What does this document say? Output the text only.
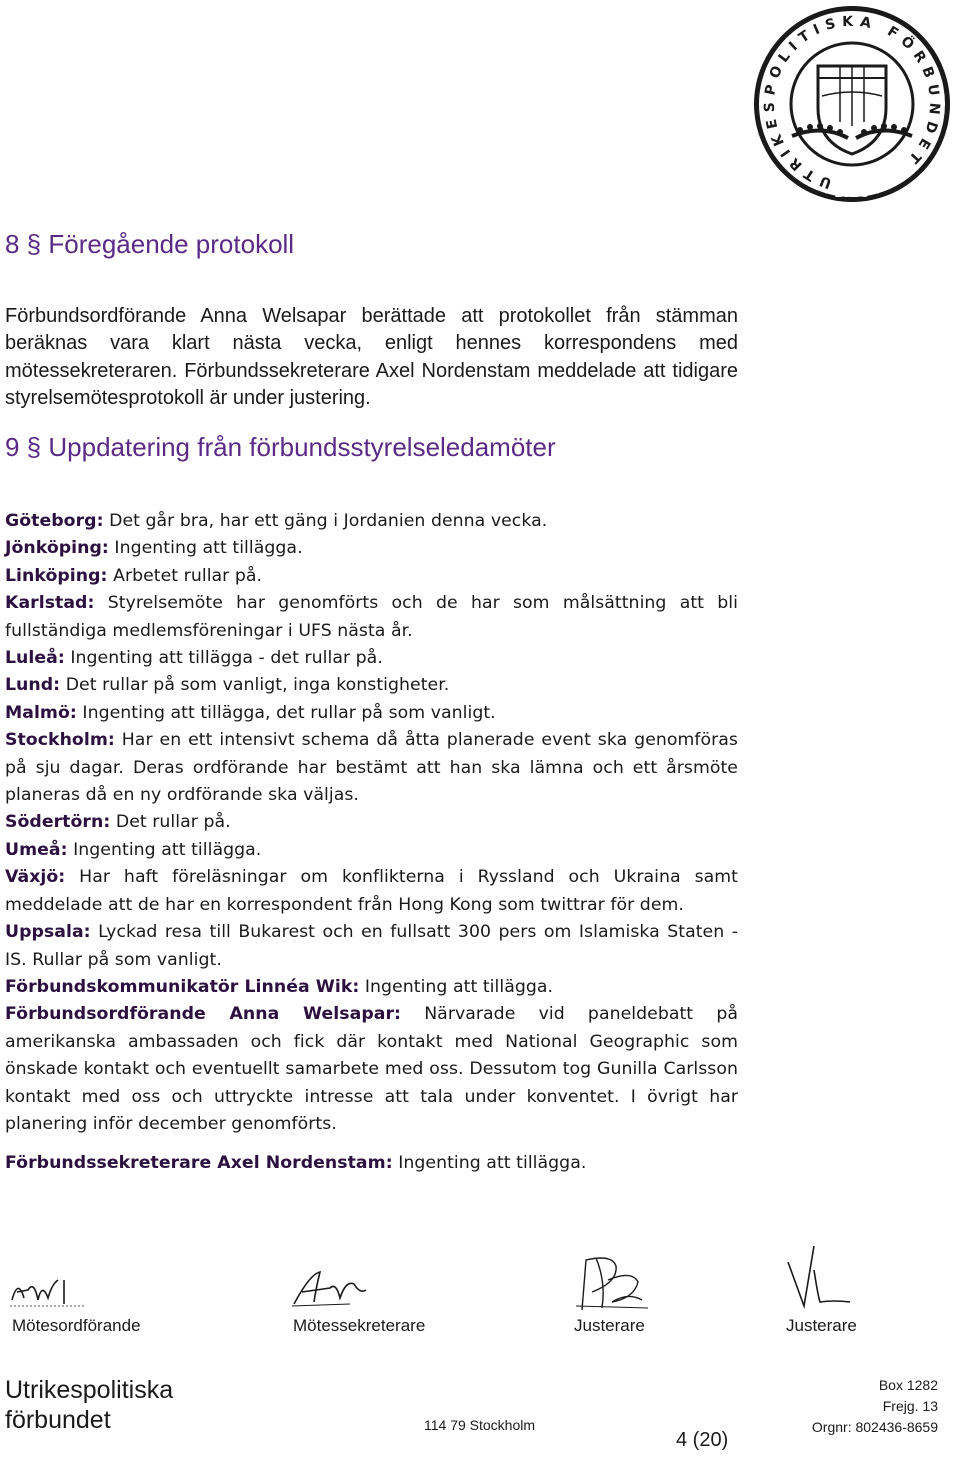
UTRIKESPOLITISKA FÖRBUNDET
· 1939 ·
8 § Föregående protokoll

Förbundsordförande Anna Welsapar berättade att protokollet från stämman beräknas vara klart nästa vecka, enligt hennes korrespondens med mötessekreteraren. Förbundssekreterare Axel Nordenstam meddelade att tidigare styrelsemötesprotokoll är under justering.

9 § Uppdatering från förbundsstyrelseledamöter

Göteborg: Det går bra, har ett gäng i Jordanien denna vecka.

Jönköping: Ingenting att tillägga.

Linköping: Arbetet rullar på.

Karlstad: Styrelsemöte har genomförts och de har som målsättning att bli fullständiga medlemsföreningar i UFS nästa år.

Luleå: Ingenting att tillägga - det rullar på.

Lund: Det rullar på som vanligt, inga konstigheter.

Malmö: Ingenting att tillägga, det rullar på som vanligt.

Stockholm: Har en ett intensivt schema då åtta planerade event ska genomföras på sju dagar. Deras ordförande har bestämt att han ska lämna och ett årsmöte planeras då en ny ordförande ska väljas.

Södertörn: Det rullar på.

Umeå: Ingenting att tillägga.

Växjö: Har haft föreläsningar om konflikterna i Ryssland och Ukraina samt meddelade att de har en korrespondent från Hong Kong som twittrar för dem.

Uppsala: Lyckad resa till Bukarest och en fullsatt 300 pers om Islamiska Staten - IS. Rullar på som vanligt.

Förbundskommunikatör Linnéa Wik: Ingenting att tillägga.

Förbundsordförande Anna Welsapar: Närvarade vid paneldebatt på amerikanska ambassaden och fick där kontakt med National Geographic som önskade kontakt och eventuellt samarbete med oss. Dessutom tog Gunilla Carlsson kontakt med oss och uttryckte intresse att tala under konventet. I övrigt har planering inför december genomförts.

Förbundssekreterare Axel Nordenstam: Ingenting att tillägga.

Mötesordförande	Mötessekreterare	Justerare	Justerare
Utrikespolitiska
förbundet	114 79 Stockholm
4 (20)
Box 1282
Frejg. 13
Orgnr: 802436-8659
